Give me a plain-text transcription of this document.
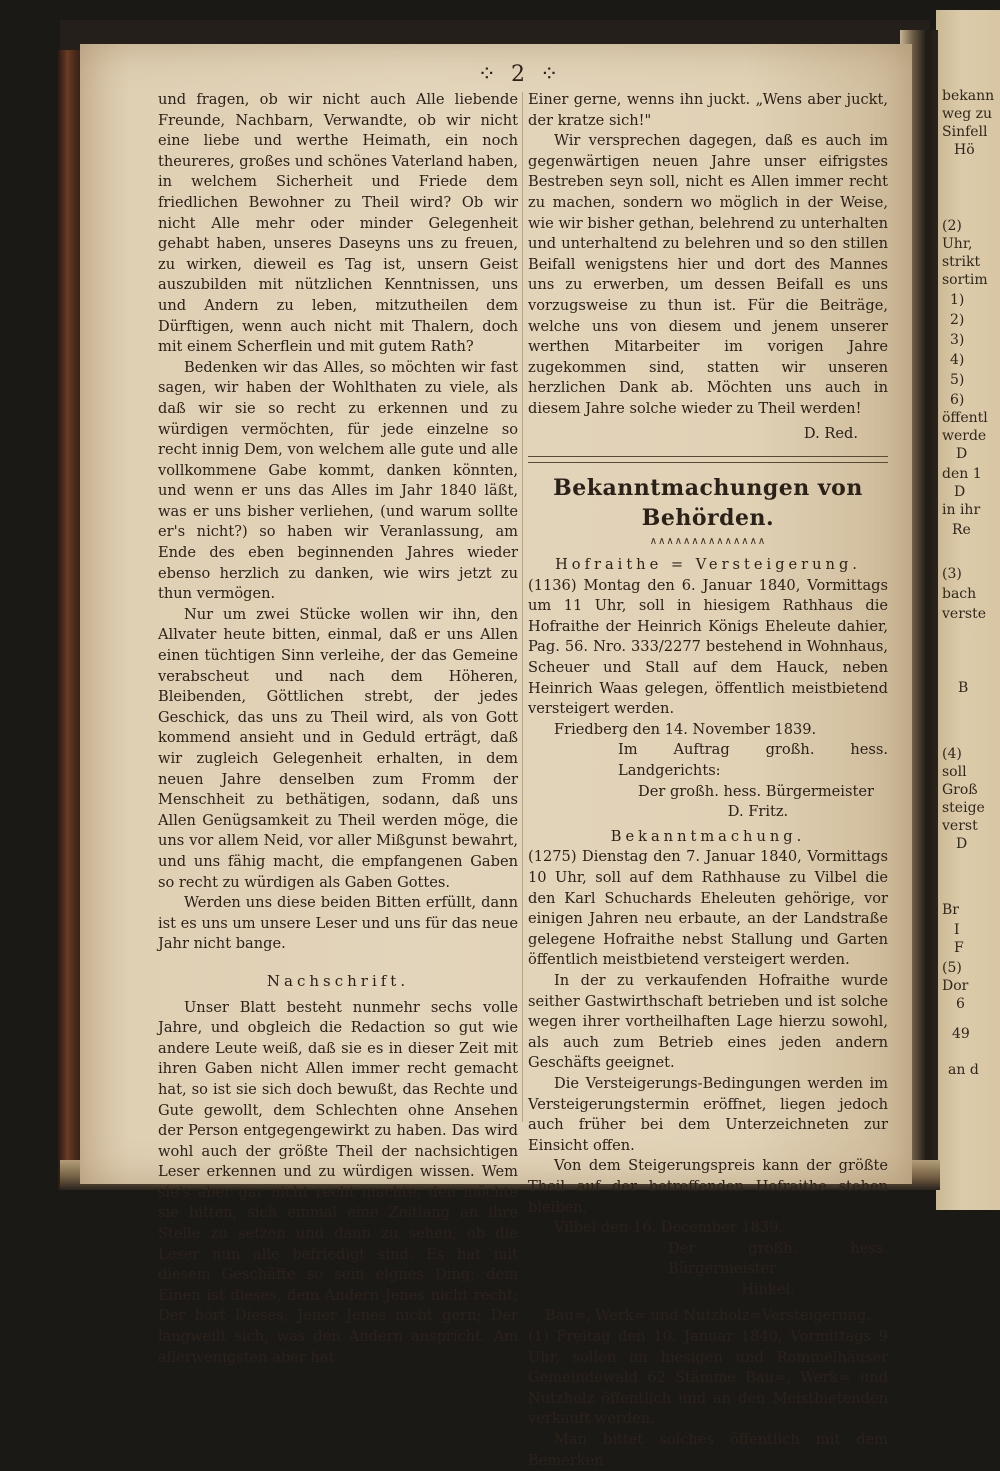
bekann
weg zu
Sinfell
Hö
(2)
Uhr,
strikt
sortim
1)
2)
3)
4)
5)
6)
öffentl
werde
D
den 1
D
in ihr
Re
(3)
bach
verste
B
(4)
soll
Groß
steige
verst
D
Br
I
F
(5)
Dor
6
49
an d
⁘ 2 ⁘

und fragen, ob wir nicht auch Alle liebende Freunde, Nachbarn, Verwandte, ob wir nicht eine liebe und werthe Heimath, ein noch theureres, großes und schönes Vaterland haben, in welchem Sicherheit und Friede dem friedlichen Bewohner zu Theil wird? Ob wir nicht Alle mehr oder minder Gelegenheit gehabt haben, unseres Daseyns uns zu freuen, zu wirken, dieweil es Tag ist, unsern Geist auszubilden mit nützlichen Kenntnissen, uns und Andern zu leben, mitzutheilen dem Dürftigen, wenn auch nicht mit Thalern, doch mit einem Scherflein und mit gutem Rath?

Bedenken wir das Alles, so möchten wir fast sagen, wir haben der Wohlthaten zu viele, als daß wir sie so recht zu erkennen und zu würdigen vermöchten, für jede einzelne so recht innig Dem, von welchem alle gute und alle vollkommene Gabe kommt, danken könnten, und wenn er uns das Alles im Jahr 1840 läßt, was er uns bisher verliehen, (und warum sollte er's nicht?) so haben wir Veranlassung, am Ende des eben beginnenden Jahres wieder ebenso herzlich zu danken, wie wirs jetzt zu thun vermögen.

Nur um zwei Stücke wollen wir ihn, den Allvater heute bitten, einmal, daß er uns Allen einen tüchtigen Sinn verleihe, der das Gemeine verabscheut und nach dem Höheren, Bleibenden, Göttlichen strebt, der jedes Geschick, das uns zu Theil wird, als von Gott kommend ansieht und in Geduld erträgt, daß wir zugleich Gelegenheit erhalten, in dem neuen Jahre denselben zum Fromm der Menschheit zu bethätigen, sodann, daß uns Allen Genügsamkeit zu Theil werden möge, die uns vor allem Neid, vor aller Mißgunst bewahrt, und uns fähig macht, die empfangenen Gaben so recht zu würdigen als Gaben Gottes.

Werden uns diese beiden Bitten erfüllt, dann ist es uns um unsere Leser und uns für das neue Jahr nicht bange.

Nachschrift.

Unser Blatt besteht nunmehr sechs volle Jahre, und obgleich die Redaction so gut wie andere Leute weiß, daß sie es in dieser Zeit mit ihren Gaben nicht Allen immer recht gemacht hat, so ist sie sich doch bewußt, das Rechte und Gute gewollt, dem Schlechten ohne Ansehen der Person entgegengewirkt zu haben. Das wird wohl auch der größte Theil der nachsichtigen Leser erkennen und zu würdigen wissen. Wem sie's aber gar nicht recht machte, den möchte sie bitten, sich einmal eine Zeitlang an ihre Stelle zu setzen und dann zu sehen, ob die Leser nun alle befriedigt sind. Es hat mit diesem Geschäfte so sein eignes Ding; dem Einen ist dieses, dem Andern Jenes nicht recht; Der hört Dieses, Jener Jenes nicht gern; Der langweilt sich, was den Andern anspricht. Am allerwenigsten aber hat

Einer gerne, wenns ihn juckt. „Wens aber juckt, der kratze sich!"

Wir versprechen dagegen, daß es auch im gegenwärtigen neuen Jahre unser eifrigstes Bestreben seyn soll, nicht es Allen immer recht zu machen, sondern wo möglich in der Weise, wie wir bisher gethan, belehrend zu unterhalten und unterhaltend zu belehren und so den stillen Beifall wenigstens hier und dort des Mannes uns zu erwerben, um dessen Beifall es uns vorzugsweise zu thun ist. Für die Beiträge, welche uns von diesem und jenem unserer werthen Mitarbeiter im vorigen Jahre zugekommen sind, statten wir unseren herzlichen Dank ab. Möchten uns auch in diesem Jahre solche wieder zu Theil werden!

D. Red.

Bekanntmachungen von Behörden.
∧∧∧∧∧∧∧∧∧∧∧∧∧∧

Hofraithe = Versteigerung.

(1136) Montag den 6. Januar 1840, Vormittags um 11 Uhr, soll in hiesigem Rathhaus die Hofraithe der Heinrich Königs Eheleute dahier, Pag. 56. Nro. 333/2277 bestehend in Wohnhaus, Scheuer und Stall auf dem Hauck, neben Heinrich Waas gelegen, öffentlich meistbietend versteigert werden.

Friedberg den 14. November 1839.

Im Auftrag großh. hess. Landgerichts:

Der großh. hess. Bürgermeister

D. Fritz.

Bekanntmachung.

(1275) Dienstag den 7. Januar 1840, Vormittags 10 Uhr, soll auf dem Rathhause zu Vilbel die den Karl Schuchards Eheleuten gehörige, vor einigen Jahren neu erbaute, an der Landstraße gelegene Hofraithe nebst Stallung und Garten öffentlich meistbietend versteigert werden.

In der zu verkaufenden Hofraithe wurde seither Gastwirthschaft betrieben und ist solche wegen ihrer vortheilhaften Lage hierzu sowohl, als auch zum Betrieb eines jeden andern Geschäfts geeignet.

Die Versteigerungs-Bedingungen werden im Versteigerungstermin eröffnet, liegen jedoch auch früher bei dem Unterzeichneten zur Einsicht offen.

Von dem Steigerungspreis kann der größte Theil auf der betreffenden Hofraithe stehen bleiben.

Vilbel den 16. December 1839.

Der großh. hess. Bürgermeister

Hinkel.

Bau=, Werk= und Nutzholz=Versteigerung.

(1) Freitag den 10. Januar 1840, Vormittags 9 Uhr, sollen im hiesigen und Rommelhäuser Gemeindewald 62 Stämme Bau=, Werk= und Nutzholz öffentlich und an den Meistbietenden verkauft werden.

Man bittet solches öffentlich mit dem Bemerken
